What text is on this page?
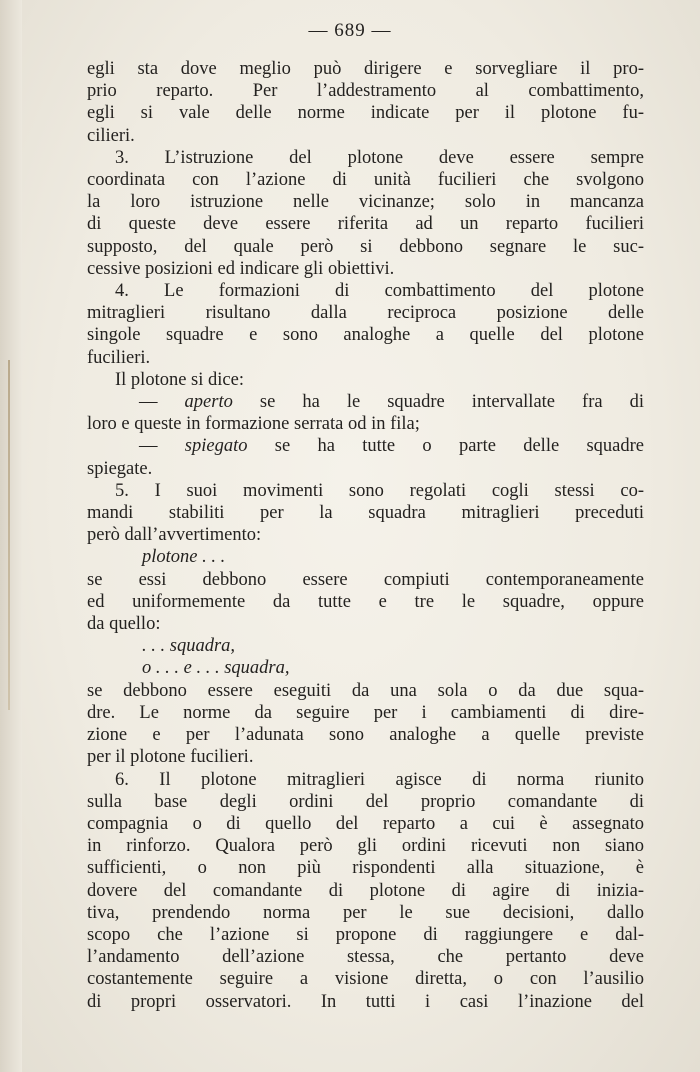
— 689 —

egli sta dove meglio può dirigere e sorvegliare il pro-

prio reparto. Per l’addestramento al combattimento,

egli si vale delle norme indicate per il plotone fu-

cilieri.

3. L’istruzione del plotone deve essere sempre

coordinata con l’azione di unità fucilieri che svolgono

la loro istruzione nelle vicinanze; solo in mancanza

di queste deve essere riferita ad un reparto fucilieri

supposto, del quale però si debbono segnare le suc-

cessive posizioni ed indicare gli obiettivi.

4. Le formazioni di combattimento del plotone

mitraglieri risultano dalla reciproca posizione delle

singole squadre e sono analoghe a quelle del plotone

fucilieri.

Il plotone si dice:

— aperto se ha le squadre intervallate fra di

loro e queste in formazione serrata od in fila;

— spiegato se ha tutte o parte delle squadre

spiegate.

5. I suoi movimenti sono regolati cogli stessi co-

mandi stabiliti per la squadra mitraglieri preceduti

però dall’avvertimento:

plotone . . .

se essi debbono essere compiuti contemporaneamente

ed uniformemente da tutte e tre le squadre, oppure

da quello:

. . . squadra,

o . . . e . . . squadra,

se debbono essere eseguiti da una sola o da due squa-

dre. Le norme da seguire per i cambiamenti di dire-

zione e per l’adunata sono analoghe a quelle previste

per il plotone fucilieri.

6. Il plotone mitraglieri agisce di norma riunito

sulla base degli ordini del proprio comandante di

compagnia o di quello del reparto a cui è assegnato

in rinforzo. Qualora però gli ordini ricevuti non siano

sufficienti, o non più rispondenti alla situazione, è

dovere del comandante di plotone di agire di inizia-

tiva, prendendo norma per le sue decisioni, dallo

scopo che l’azione si propone di raggiungere e dal-

l’andamento dell’azione stessa, che pertanto deve

costantemente seguire a visione diretta, o con l’ausilio

di propri osservatori. In tutti i casi l’inazione del
